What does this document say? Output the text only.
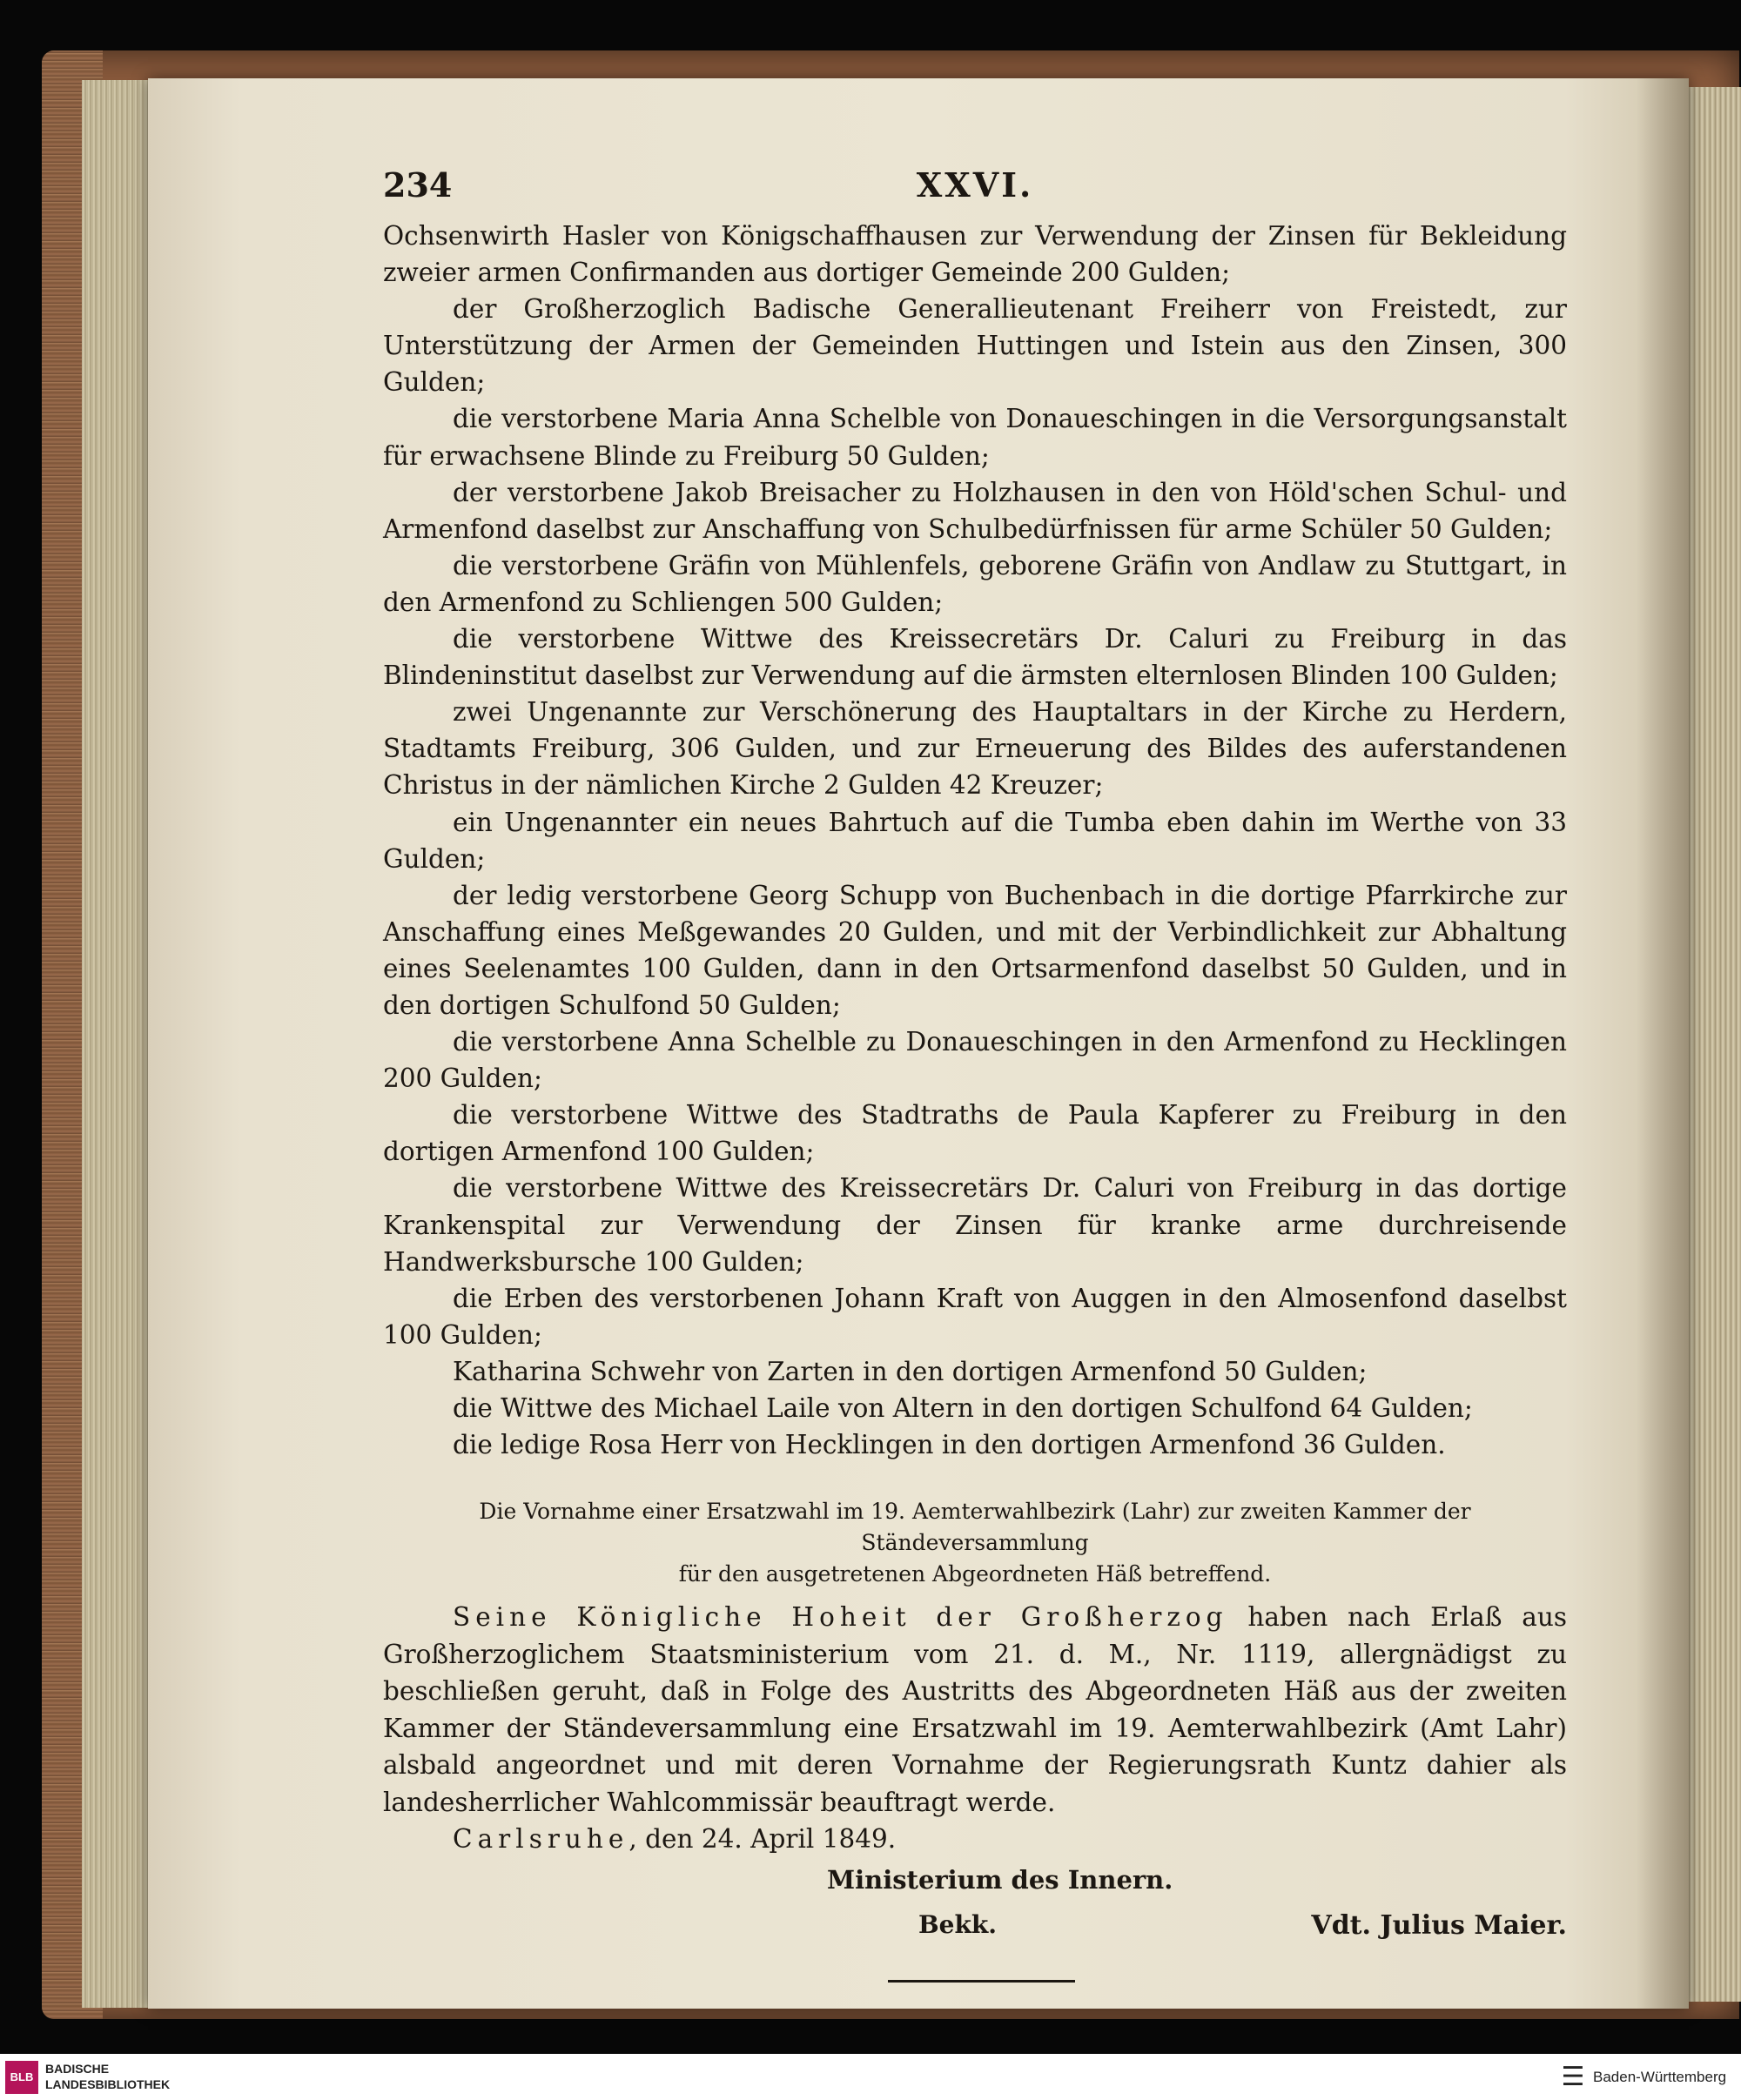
234	XXVI.

Ochsenwirth Hasler von Königschaffhausen zur Verwendung der Zinsen für Bekleidung zweier armen Confirmanden aus dortiger Gemeinde 200 Gulden;

der Großherzoglich Badische Generallieutenant Freiherr von Freistedt, zur Unterstützung der Armen der Gemeinden Huttingen und Istein aus den Zinsen, 300 Gulden;

die verstorbene Maria Anna Schelble von Donaueschingen in die Versorgungsanstalt für erwachsene Blinde zu Freiburg 50 Gulden;

der verstorbene Jakob Breisacher zu Holzhausen in den von Höld'schen Schul- und Armenfond daselbst zur Anschaffung von Schulbedürfnissen für arme Schüler 50 Gulden;

die verstorbene Gräfin von Mühlenfels, geborene Gräfin von Andlaw zu Stuttgart, in den Armenfond zu Schliengen 500 Gulden;

die verstorbene Wittwe des Kreissecretärs Dr. Caluri zu Freiburg in das Blindeninstitut daselbst zur Verwendung auf die ärmsten elternlosen Blinden 100 Gulden;

zwei Ungenannte zur Verschönerung des Hauptaltars in der Kirche zu Herdern, Stadtamts Freiburg, 306 Gulden, und zur Erneuerung des Bildes des auferstandenen Christus in der nämlichen Kirche 2 Gulden 42 Kreuzer;

ein Ungenannter ein neues Bahrtuch auf die Tumba eben dahin im Werthe von 33 Gulden;

der ledig verstorbene Georg Schupp von Buchenbach in die dortige Pfarrkirche zur Anschaffung eines Meßgewandes 20 Gulden, und mit der Verbindlichkeit zur Abhaltung eines Seelenamtes 100 Gulden, dann in den Ortsarmenfond daselbst 50 Gulden, und in den dortigen Schulfond 50 Gulden;

die verstorbene Anna Schelble zu Donaueschingen in den Armenfond zu Hecklingen 200 Gulden;

die verstorbene Wittwe des Stadtraths de Paula Kapferer zu Freiburg in den dortigen Armenfond 100 Gulden;

die verstorbene Wittwe des Kreissecretärs Dr. Caluri von Freiburg in das dortige Krankenspital zur Verwendung der Zinsen für kranke arme durchreisende Handwerksbursche 100 Gulden;

die Erben des verstorbenen Johann Kraft von Auggen in den Almosenfond daselbst 100 Gulden;

Katharina Schwehr von Zarten in den dortigen Armenfond 50 Gulden;

die Wittwe des Michael Laile von Altern in den dortigen Schulfond 64 Gulden;

die ledige Rosa Herr von Hecklingen in den dortigen Armenfond 36 Gulden.

Die Vornahme einer Ersatzwahl im 19. Aemterwahlbezirk (Lahr) zur zweiten Kammer der Ständeversammlung
für den ausgetretenen Abgeordneten Häß betreffend.

Seine Königliche Hoheit der Großherzog haben nach Erlaß aus Großherzoglichem Staatsministerium vom 21. d. M., Nr. 1119, allergnädigst zu beschließen geruht, daß in Folge des Austritts des Abgeordneten Häß aus der zweiten Kammer der Ständeversammlung eine Ersatzwahl im 19. Aemterwahlbezirk (Amt Lahr) alsbald angeordnet und mit deren Vornahme der Regierungsrath Kuntz dahier als landesherrlicher Wahlcommissär beauftragt werde.

Carlsruhe, den 24. April 1849.

Ministerium des Innern.
Bekk.	Vdt. Julius Maier.
BLB
BADISCHE
LANDESBIBLIOTHEK	☰ Baden-Württemberg
